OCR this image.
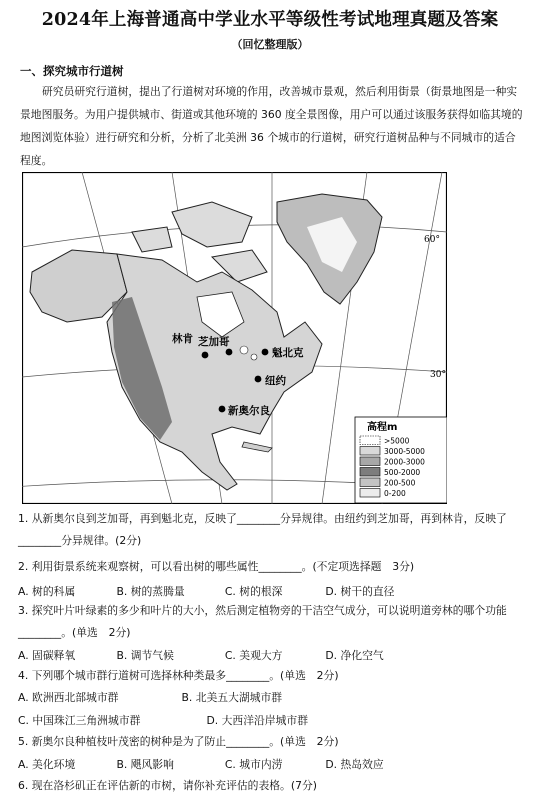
2024年上海普通高中学业水平等级性考试地理真题及答案
（回忆整理版）
一、探究城市行道树
研究员研究行道树，提出了行道树对环境的作用，改善城市景观，然后利用街景（街景地图是一种实景地图服务。为用户提供城市、街道或其他环境的 360 度全景图像，用户可以通过该服务获得如临其境的地图浏览体验）进行研究和分析，分析了北美洲 36 个城市的行道树，研究行道树品种与不同城市的适合程度。
林肯 芝加哥
魁北克
纽约
新奥尔良
60°
30°
高程m
>5000
3000-5000
2000-3000
500-2000
200-500
0-200
1. 从新奥尔良到芝加哥，再到魁北克，反映了________分异规律。由纽约到芝加哥，再到林肯，反映了________分异规律。(2分)
2. 利用街景系统来观察树，可以看出树的哪些属性________。(不定项选择题　3分)
A. 树的科属	B. 树的蒸腾量	C. 树的根深	D. 树干的直径
3. 探究叶片叶绿素的多少和叶片的大小，然后测定植物旁的干洁空气成分，可以说明道旁林的哪个功能________。(单选　2分)
A. 固碳释氧	B. 调节气候	C. 美观大方	D. 净化空气
4. 下列哪个城市群行道树可选择林种类最多________。(单选　2分)
A. 欧洲西北部城市群	B. 北美五大湖城市群
C. 中国珠江三角洲城市群	D. 大西洋沿岸城市群
5. 新奥尔良种植枝叶茂密的树种是为了防止________。(单选　2分)
A. 美化环境	B. 飓风影响	C. 城市内涝	D. 热岛效应
6. 现在洛杉矶正在评估新的市树，请你补充评估的表格。(7分)
